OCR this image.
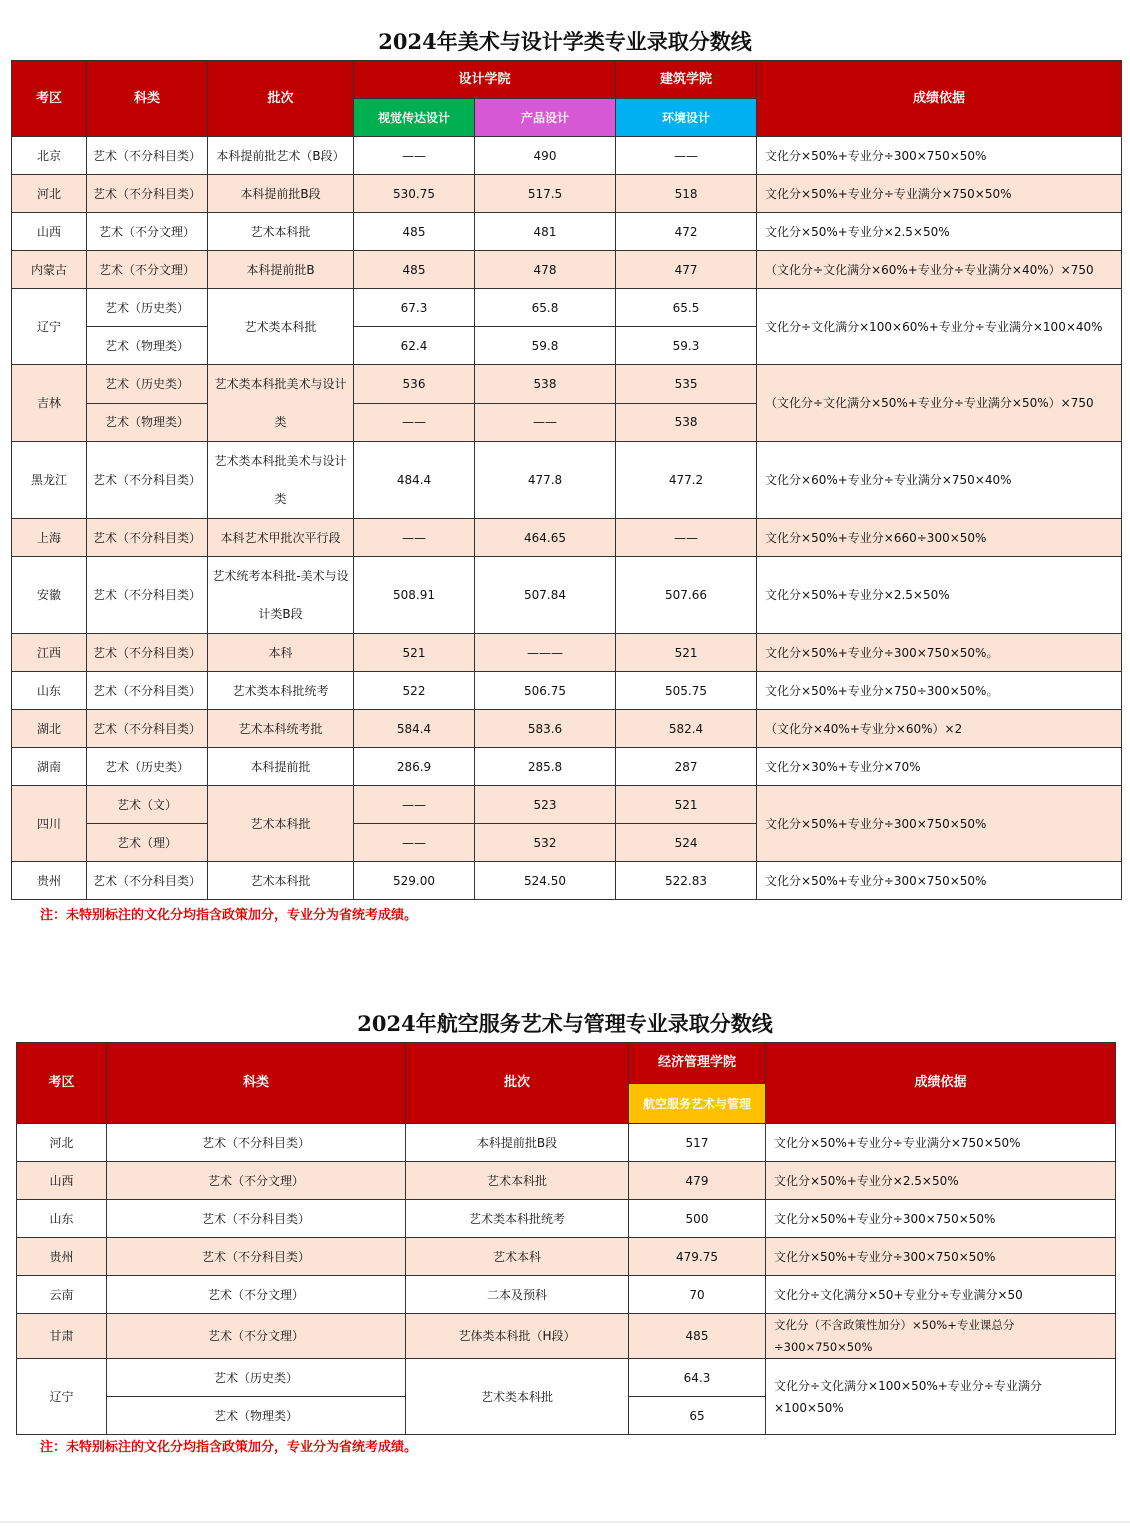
2024年美术与设计学类专业录取分数线
考区	科类	批次	设计学院		建筑学院	成绩依据
			视觉传达设计	产品设计	环境设计	
北京	艺术（不分科目类）	本科提前批艺术（B段）	——	490	——	文化分×50%+专业分÷300×750×50%
河北	艺术（不分科目类）	本科提前批B段	530.75	517.5	518	文化分×50%+专业分÷专业满分×750×50%
山西	艺术（不分文理）	艺术本科批	485	481	472	文化分×50%+专业分×2.5×50%
内蒙古	艺术（不分文理）	本科提前批B	485	478	477	（文化分÷文化满分×60%+专业分÷专业满分×40%）×750
辽宁	艺术（历史类）	艺术类本科批	67.3	65.8	65.5	文化分÷文化满分×100×60%+专业分÷专业满分×100×40%
	艺术（物理类）		62.4	59.8	59.3	
吉林	艺术（历史类）	艺术类本科批美术与设计类	536	538	535	（文化分÷文化满分×50%+专业分÷专业满分×50%）×750
	艺术（物理类）		——	——	538	
黑龙江	艺术（不分科目类）	艺术类本科批美术与设计类	484.4	477.8	477.2	文化分×60%+专业分÷专业满分×750×40%
上海	艺术（不分科目类）	本科艺术甲批次平行段	——	464.65	——	文化分×50%+专业分×660÷300×50%
安徽	艺术（不分科目类）	艺术统考本科批-美术与设计类B段	508.91	507.84	507.66	文化分×50%+专业分×2.5×50%
江西	艺术（不分科目类）	本科	521	———	521	文化分×50%+专业分÷300×750×50%。
山东	艺术（不分科目类）	艺术类本科批统考	522	506.75	505.75	文化分×50%+专业分×750÷300×50%。
湖北	艺术（不分科目类）	艺术本科统考批	584.4	583.6	582.4	（文化分×40%+专业分×60%）×2
湖南	艺术（历史类）	本科提前批	286.9	285.8	287	文化分×30%+专业分×70%
四川	艺术（文）	艺术本科批	——	523	521	文化分×50%+专业分÷300×750×50%
	艺术（理）		——	532	524	
贵州	艺术（不分科目类）	艺术本科批	529.00	524.50	522.83	文化分×50%+专业分÷300×750×50%
注：未特别标注的文化分均指含政策加分，专业分为省统考成绩。
2024年航空服务艺术与管理专业录取分数线
考区	科类	批次	经济管理学院	成绩依据
			航空服务艺术与管理	
河北	艺术（不分科目类）	本科提前批B段	517	文化分×50%+专业分÷专业满分×750×50%
山西	艺术（不分文理）	艺术本科批	479	文化分×50%+专业分×2.5×50%
山东	艺术（不分科目类）	艺术类本科批统考	500	文化分×50%+专业分÷300×750×50%
贵州	艺术（不分科目类）	艺术本科	479.75	文化分×50%+专业分÷300×750×50%
云南	艺术（不分文理）	二本及预科	70	文化分÷文化满分×50+专业分÷专业满分×50
甘肃	艺术（不分文理）	艺体类本科批（H段）	485	文化分（不含政策性加分）×50%+专业课总分÷300×750×50%
辽宁	艺术（历史类）	艺术类本科批	64.3	文化分÷文化满分×100×50%+专业分÷专业满分×100×50%
	艺术（物理类）		65	
注：未特别标注的文化分均指含政策加分，专业分为省统考成绩。
